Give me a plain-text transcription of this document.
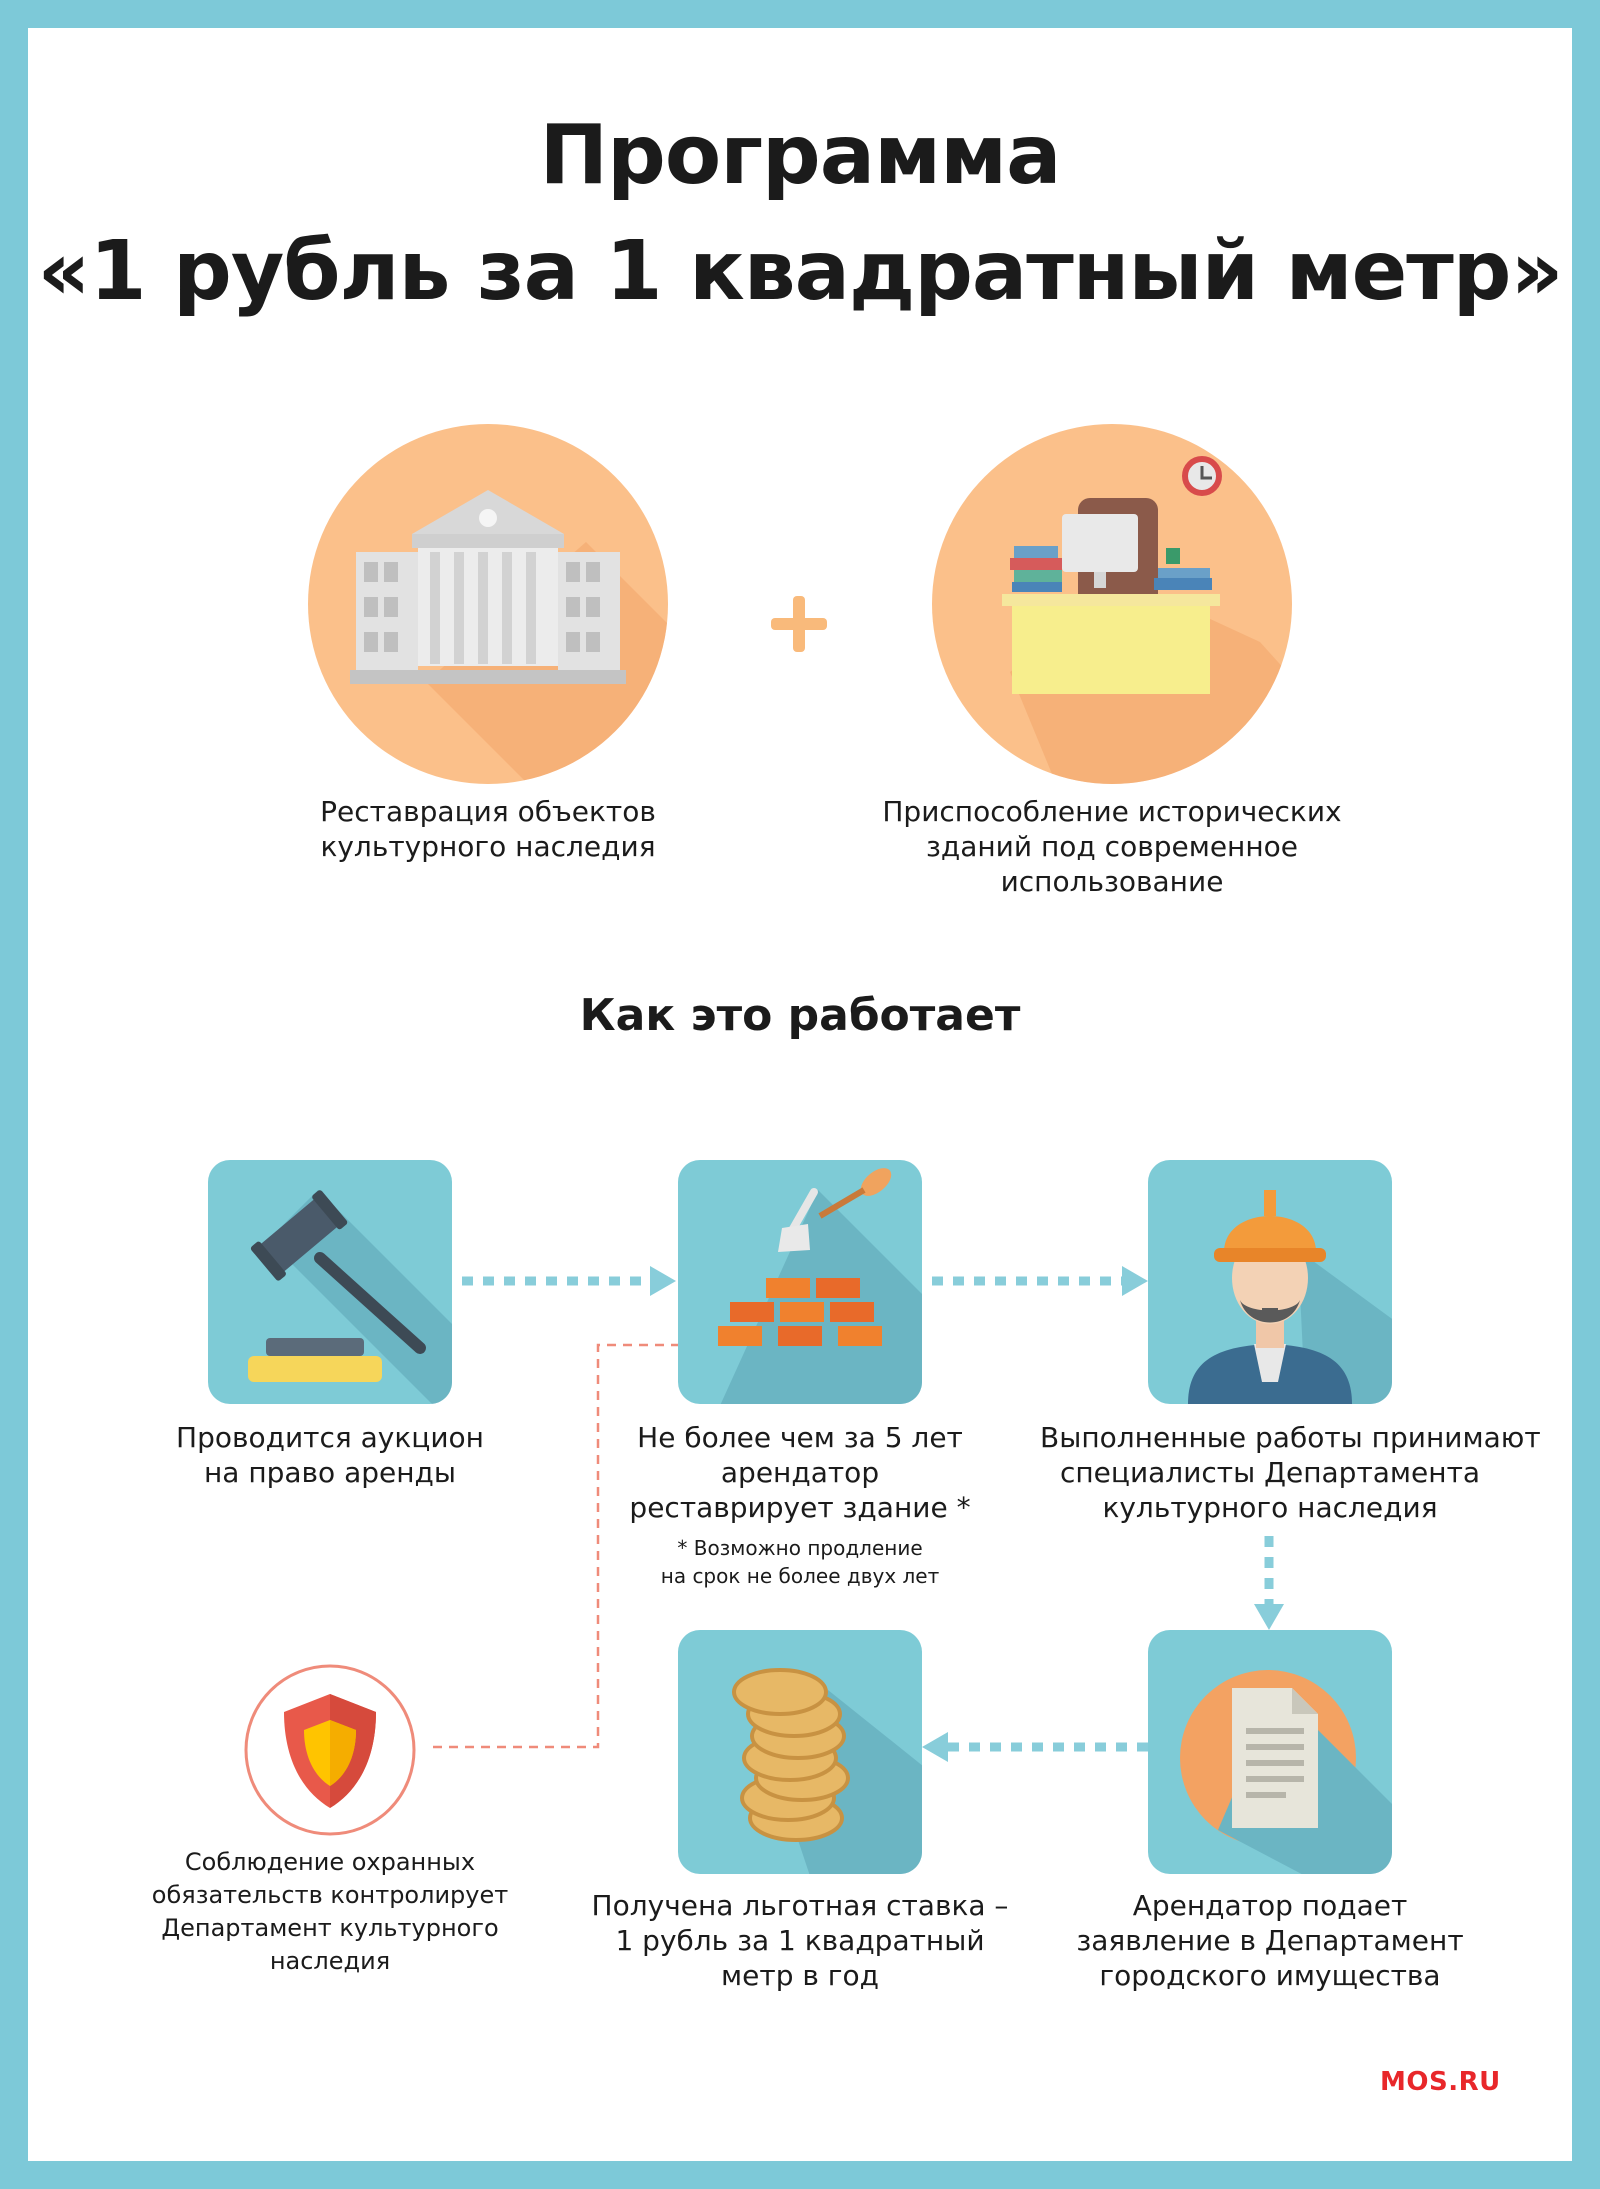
Программа
«1 рубль за 1 квадратный метр»
Реставрация объектов
культурного наследия
Приспособление исторических
зданий под современное
использование
Как это работает
Проводится аукцион
на право аренды
Не более чем за 5 лет
арендатор
реставрирует здание *
* Возможно продление
на срок не более двух лет
Выполненные работы принимают
специалисты Департамента
культурного наследия
Получена льготная ставка –
1 рубль за 1 квадратный
метр в год
Арендатор подает
заявление в Департамент
городского имущества
Соблюдение охранных
обязательств контролирует
Департамент культурного
наследия
MOS.RU
